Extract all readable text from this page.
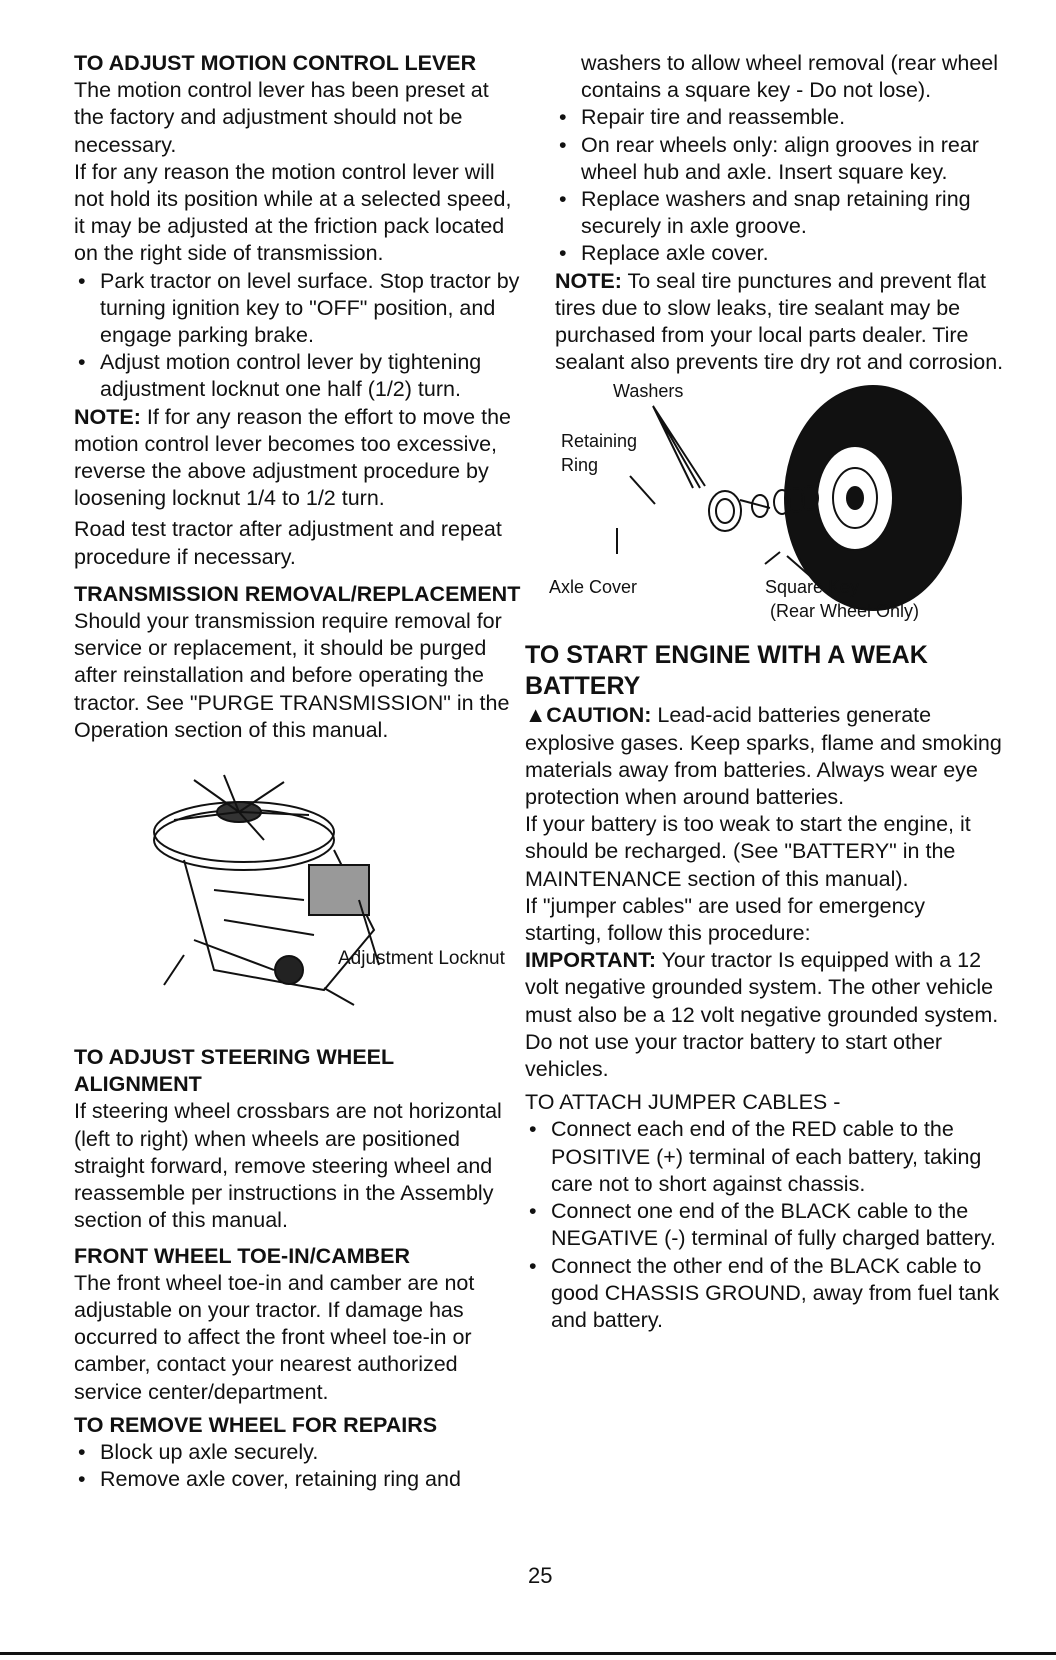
TO ADJUST MOTION CONTROL LEVER

The motion control lever has been preset at the factory and adjustment should not be necessary.

If for any reason the motion control lever will not hold its position while at a selected speed, it may be adjusted at the friction pack located on the right side of transmission.

• Park tractor on level surface. Stop tractor by turning ignition key to "OFF" position, and engage parking brake.
• Adjust motion control lever by tightening adjustment locknut one half (1/2) turn.

NOTE: If for any reason the effort to move the motion control lever becomes too excessive, reverse the above adjustment procedure by loosening locknut 1/4 to 1/2 turn.

Road test tractor after adjustment and repeat procedure if necessary.

TRANSMISSION REMOVAL/REPLACEMENT

Should your transmission require removal for service or replacement, it should be purged after reinstallation and before operating the tractor. See "PURGE TRANSMISSION" in the Operation section of this manual.

Adjustment Locknut
TO ADJUST STEERING WHEEL ALIGNMENT

If steering wheel crossbars are not horizontal (left to right) when wheels are positioned straight forward, remove steering wheel and reassemble per instructions in the Assembly section of this manual.

FRONT WHEEL TOE-IN/CAMBER

The front wheel toe-in and camber are not adjustable on your tractor. If damage has occurred to affect the front wheel toe-in or camber, contact your nearest authorized service center/department.

TO REMOVE WHEEL FOR REPAIRS
• Block up axle securely.
• Remove axle cover, retaining ring and

washers to allow wheel removal (rear wheel contains a square key - Do not lose).

• Repair tire and reassemble.
• On rear wheels only: align grooves in rear wheel hub and axle. Insert square key.
• Replace washers and snap retaining ring securely in axle groove.
• Replace axle cover.

NOTE: To seal tire punctures and prevent flat tires due to slow leaks, tire sealant may be purchased from your local parts dealer. Tire sealant also prevents tire dry rot and corrosion.

Washers
Retaining
Ring
Axle Cover	Square Key
(Rear Wheel Only)
TO START ENGINE WITH A WEAK BATTERY

▲CAUTION: Lead-acid batteries generate explosive gases. Keep sparks, flame and smoking materials away from batteries. Always wear eye protection when around batteries.

If your battery is too weak to start the engine, it should be recharged. (See "BATTERY" in the MAINTENANCE section of this manual).

If "jumper cables" are used for emergency starting, follow this procedure:

IMPORTANT: Your tractor Is equipped with a 12 volt negative grounded system. The other vehicle must also be a 12 volt negative grounded system. Do not use your tractor battery to start other vehicles.

TO ATTACH JUMPER CABLES -
• Connect each end of the RED cable to the POSITIVE (+) terminal of each battery, taking care not to short against chassis.
• Connect one end of the BLACK cable to the NEGATIVE (-) terminal of fully charged battery.
• Connect the other end of the BLACK cable to good CHASSIS GROUND, away from fuel tank and battery.
25
